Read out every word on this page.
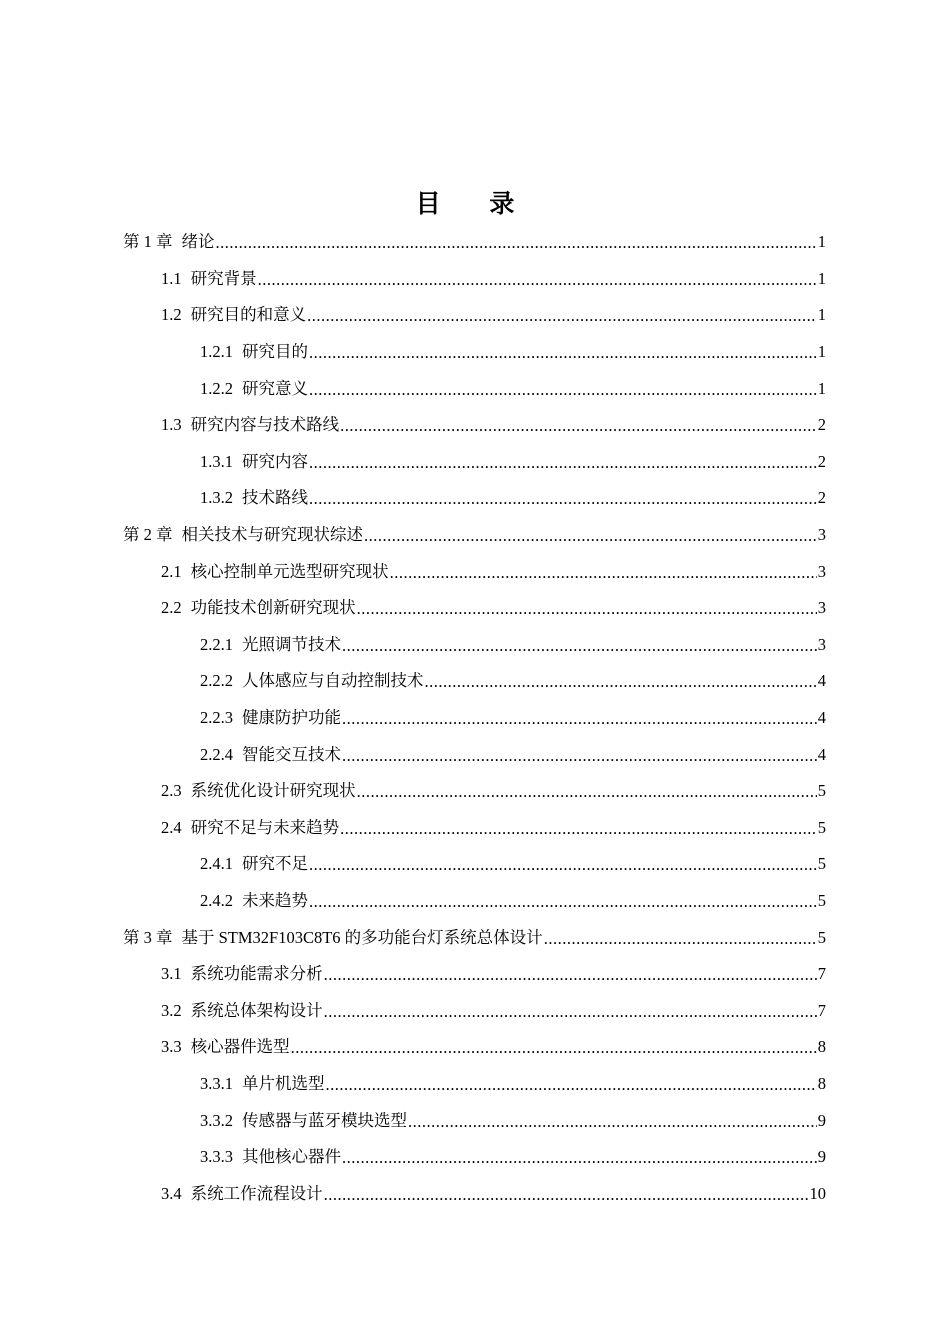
目 录
第 1 章 绪论 .....	1
1.1 研究背景 .....	1
1.2 研究目的和意义 .....	1
1.2.1 研究目的 .....	1
1.2.2 研究意义 .....	1
1.3 研究内容与技术路线 .....	2
1.3.1 研究内容 .....	2
1.3.2 技术路线 .....	2
第 2 章 相关技术与研究现状综述 .....	3
2.1 核心控制单元选型研究现状 .....	3
2.2 功能技术创新研究现状 .....	3
2.2.1 光照调节技术 .....	3
2.2.2 人体感应与自动控制技术 .....	4
2.2.3 健康防护功能 .....	4
2.2.4 智能交互技术 .....	4
2.3 系统优化设计研究现状 .....	5
2.4 研究不足与未来趋势 .....	5
2.4.1 研究不足 .....	5
2.4.2 未来趋势 .....	5
第 3 章 基于 STM32F103C8T6 的多功能台灯系统总体设计 .....	5
3.1 系统功能需求分析 .....	7
3.2 系统总体架构设计 .....	7
3.3 核心器件选型 .....	8
3.3.1 单片机选型 .....	8
3.3.2 传感器与蓝牙模块选型 .....	9
3.3.3 其他核心器件 .....	9
3.4 系统工作流程设计 .....	10
